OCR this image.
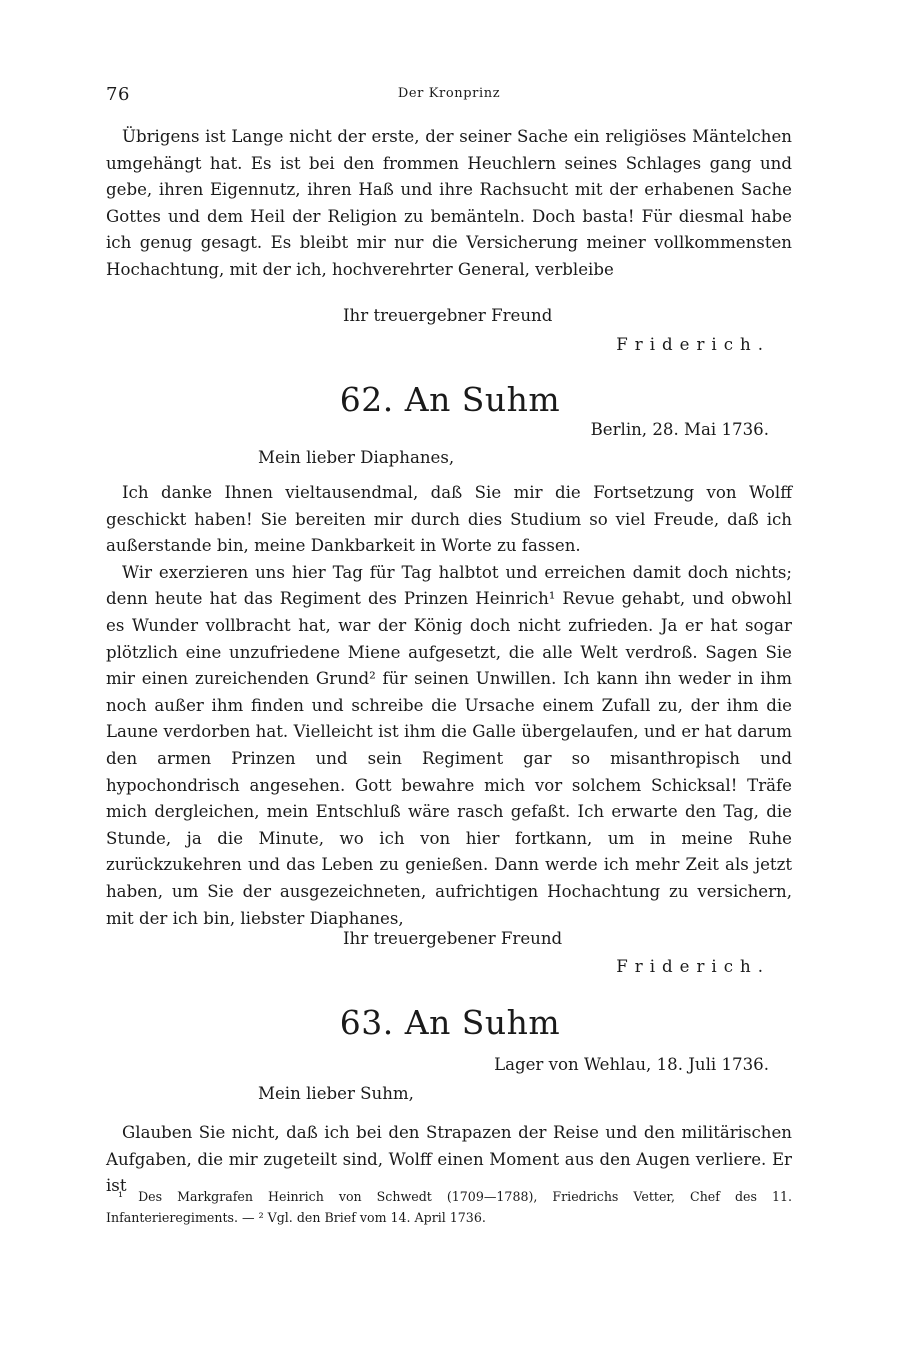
76	Der Kronprinz

Übrigens ist Lange nicht der erste, der seiner Sache ein religiöses Mäntelchen umgehängt hat. Es ist bei den frommen Heuchlern seines Schlages gang und gebe, ihren Eigennutz, ihren Haß und ihre Rachsucht mit der erhabenen Sache Gottes und dem Heil der Religion zu bemänteln. Doch basta! Für diesmal habe ich genug gesagt. Es bleibt mir nur die Versicherung meiner vollkommensten Hochachtung, mit der ich, hochverehrter General, verbleibe

Ihr treuergebner Freund
Friderich.
62. An Suhm
Berlin, 28. Mai 1736.
Mein lieber Diaphanes,

Ich danke Ihnen vieltausendmal, daß Sie mir die Fortsetzung von Wolff geschickt haben! Sie bereiten mir durch dies Studium so viel Freude, daß ich außerstande bin, meine Dankbarkeit in Worte zu fassen.

Wir exerzieren uns hier Tag für Tag halbtot und erreichen damit doch nichts; denn heute hat das Regiment des Prinzen Heinrich¹ Revue gehabt, und obwohl es Wunder vollbracht hat, war der König doch nicht zufrieden. Ja er hat sogar plötzlich eine unzufriedene Miene aufgesetzt, die alle Welt verdroß. Sagen Sie mir einen zureichenden Grund² für seinen Unwillen. Ich kann ihn weder in ihm noch außer ihm finden und schreibe die Ursache einem Zufall zu, der ihm die Laune verdorben hat. Vielleicht ist ihm die Galle übergelaufen, und er hat darum den armen Prinzen und sein Regiment gar so misanthropisch und hypochondrisch angesehen. Gott bewahre mich vor solchem Schicksal! Träfe mich dergleichen, mein Entschluß wäre rasch gefaßt. Ich erwarte den Tag, die Stunde, ja die Minute, wo ich von hier fortkann, um in meine Ruhe zurückzukehren und das Leben zu genießen. Dann werde ich mehr Zeit als jetzt haben, um Sie der ausgezeichneten, aufrichtigen Hochachtung zu versichern, mit der ich bin, liebster Diaphanes,

Ihr treuergebener Freund
Friderich.
63. An Suhm
Lager von Wehlau, 18. Juli 1736.
Mein lieber Suhm,

Glauben Sie nicht, daß ich bei den Strapazen der Reise und den militärischen Aufgaben, die mir zugeteilt sind, Wolff einen Moment aus den Augen verliere. Er ist

¹ Des Markgrafen Heinrich von Schwedt (1709—1788), Friedrichs Vetter, Chef des 11. Infanterieregiments. — ² Vgl. den Brief vom 14. April 1736.
